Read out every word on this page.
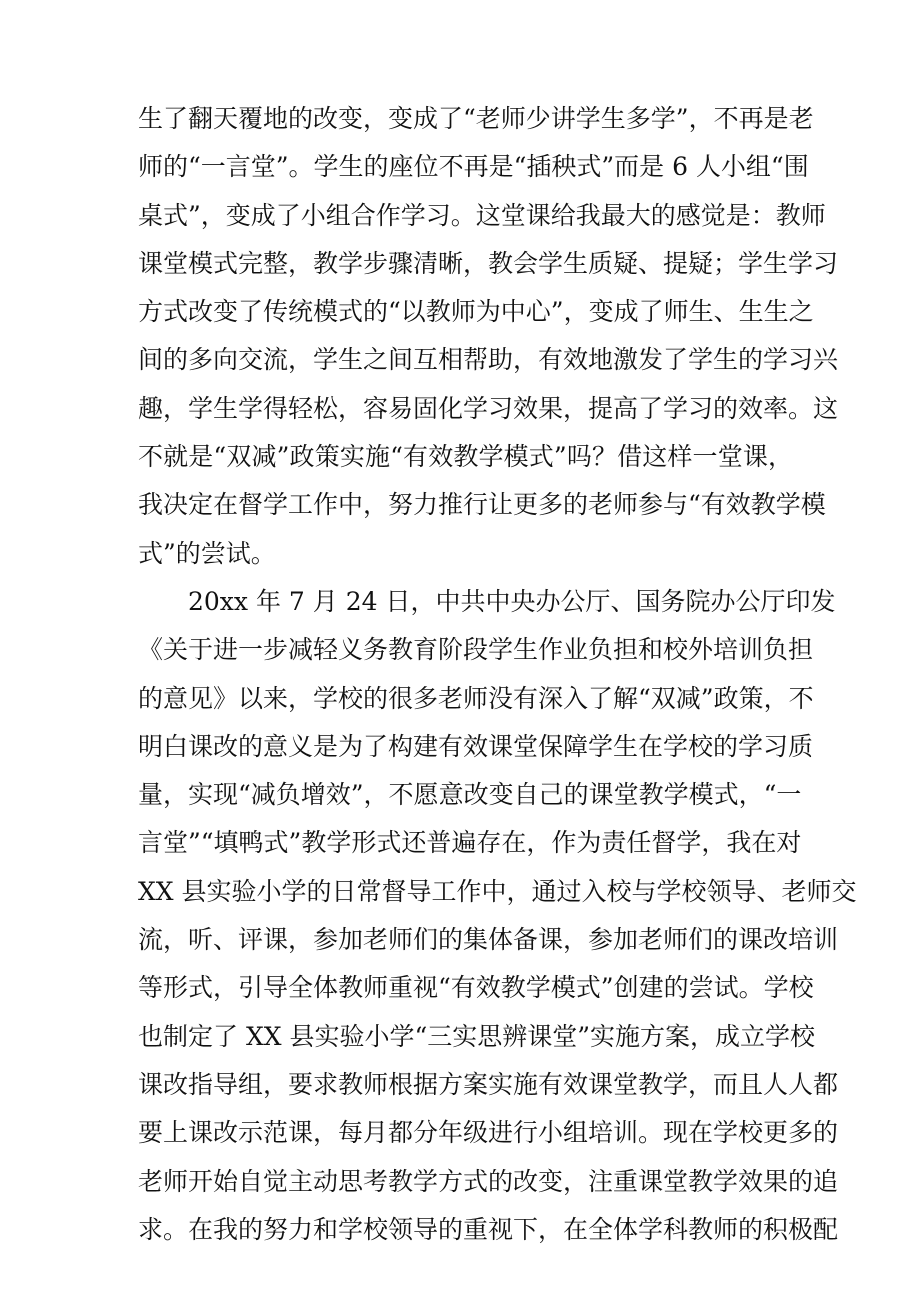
生了翻天覆地的改变，变成了“老师少讲学生多学”，不再是老
师的“一言堂”。学生的座位不再是“插秧式”而是 6 人小组“围
桌式”，变成了小组合作学习。这堂课给我最大的感觉是：教师
课堂模式完整，教学步骤清晰，教会学生质疑、提疑；学生学习
方式改变了传统模式的“以教师为中心”，变成了师生、生生之
间的多向交流，学生之间互相帮助，有效地激发了学生的学习兴
趣，学生学得轻松，容易固化学习效果，提高了学习的效率。这
不就是“双减”政策实施“有效教学模式”吗？借这样一堂课，
我决定在督学工作中，努力推行让更多的老师参与“有效教学模
式”的尝试。
20xx 年 7 月 24 日，中共中央办公厅、国务院办公厅印发
《关于进一步减轻义务教育阶段学生作业负担和校外培训负担
的意见》以来，学校的很多老师没有深入了解“双减”政策，不
明白课改的意义是为了构建有效课堂保障学生在学校的学习质
量，实现“减负增效”，不愿意改变自己的课堂教学模式，“一
言堂”“填鸭式”教学形式还普遍存在，作为责任督学，我在对
XX 县实验小学的日常督导工作中，通过入校与学校领导、老师交
流，听、评课，参加老师们的集体备课，参加老师们的课改培训
等形式，引导全体教师重视“有效教学模式”创建的尝试。学校
也制定了 XX 县实验小学“三实思辨课堂”实施方案，成立学校
课改指导组，要求教师根据方案实施有效课堂教学，而且人人都
要上课改示范课，每月都分年级进行小组培训。现在学校更多的
老师开始自觉主动思考教学方式的改变，注重课堂教学效果的追
求。在我的努力和学校领导的重视下，在全体学科教师的积极配
